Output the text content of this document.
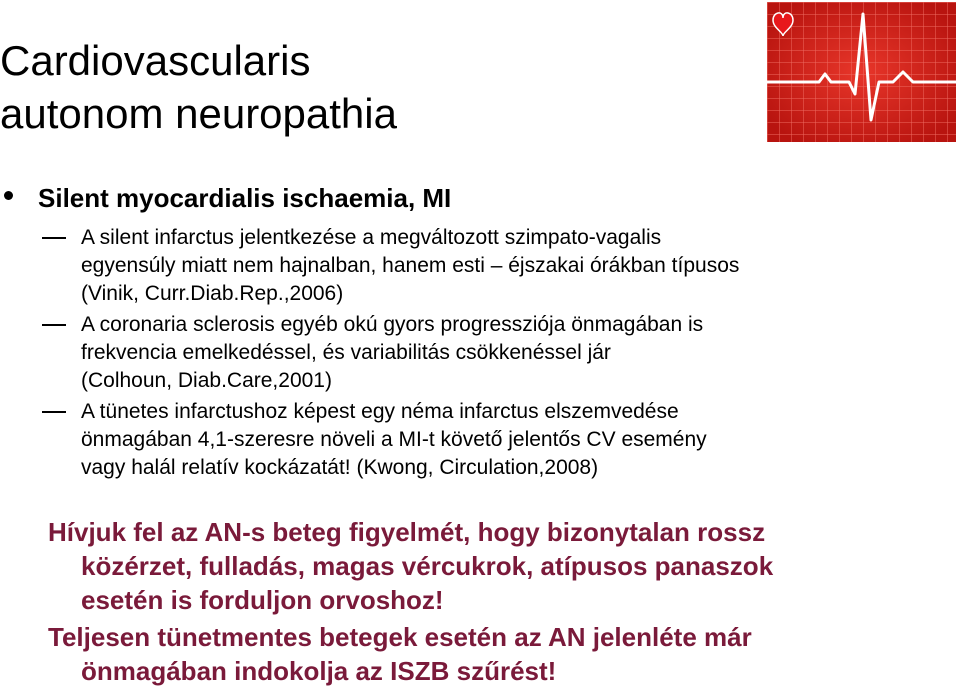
Cardiovascularis
autonom neuropathia
Silent myocardialis ischaemia, MI
A silent infarctus jelentkezése a megváltozott szimpato-vagalis
egyensúly miatt nem hajnalban, hanem esti – éjszakai órákban típusos
(Vinik, Curr.Diab.Rep.,2006)
A coronaria sclerosis egyéb okú gyors progressziója önmagában is
frekvencia emelkedéssel, és variabilitás csökkenéssel jár
(Colhoun, Diab.Care,2001)
A tünetes infarctushoz képest egy néma infarctus elszemvedése
önmagában 4,1-szeresre növeli a MI-t követő jelentős CV esemény
vagy halál relatív kockázatát! (Kwong, Circulation,2008)
Hívjuk fel az AN-s beteg figyelmét, hogy bizonytalan rossz
közérzet, fulladás, magas vércukrok, atípusos panaszok
esetén is forduljon orvoshoz!
Teljesen tünetmentes betegek esetén az AN jelenléte már
önmagában indokolja az ISZB szűrést!
